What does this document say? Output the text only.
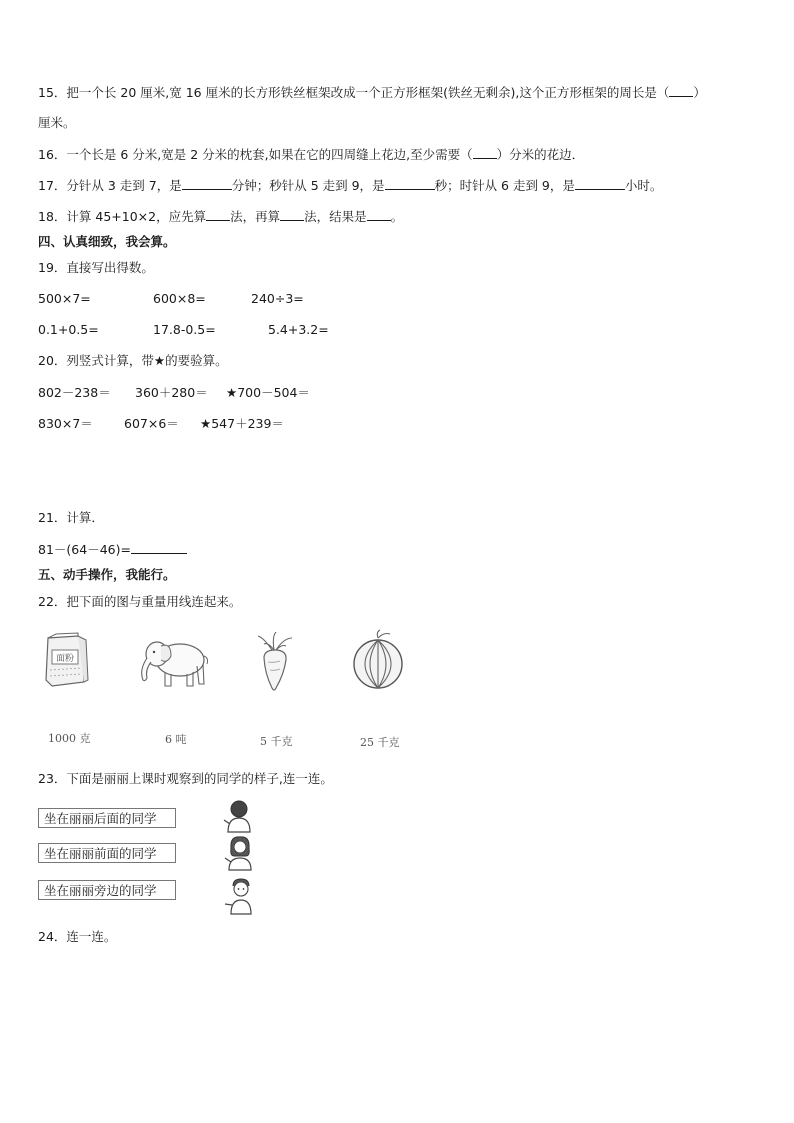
15．把一个长 20 厘米,宽 16 厘米的长方形铁丝框架改成一个正方形框架(铁丝无剩余),这个正方形框架的周长是（ ）
厘米。
16．一个长是 6 分米,宽是 2 分米的枕套,如果在它的四周缝上花边,至少需要（ ）分米的花边．
17．分针从 3 走到 7，是	分钟；秒针从 5 走到 9，是	秒；时针从 6 走到 9，是	小时。
18．计算 45+10×2，应先算 法，再算 法，结果是 。
四、认真细致，我会算。
19．直接写出得数。
500×7=	600×8=	240÷3=
0.1+0.5=	17.8-0.5=	5.4+3.2=
20．列竖式计算，带★的要验算。
802－238＝ 360＋280＝ ★700－504＝
830×7＝ 607×6＝ ★547＋239＝
21．计算．
81－(64－46)=
五、动手操作，我能行。
22．把下面的图与重量用线连起来。
面粉
1000 克	6 吨	5 千克	25 千克
23．下面是丽丽上课时观察到的同学的样子,连一连。
坐在丽丽后面的同学
坐在丽丽前面的同学
坐在丽丽旁边的同学
24．连一连。
